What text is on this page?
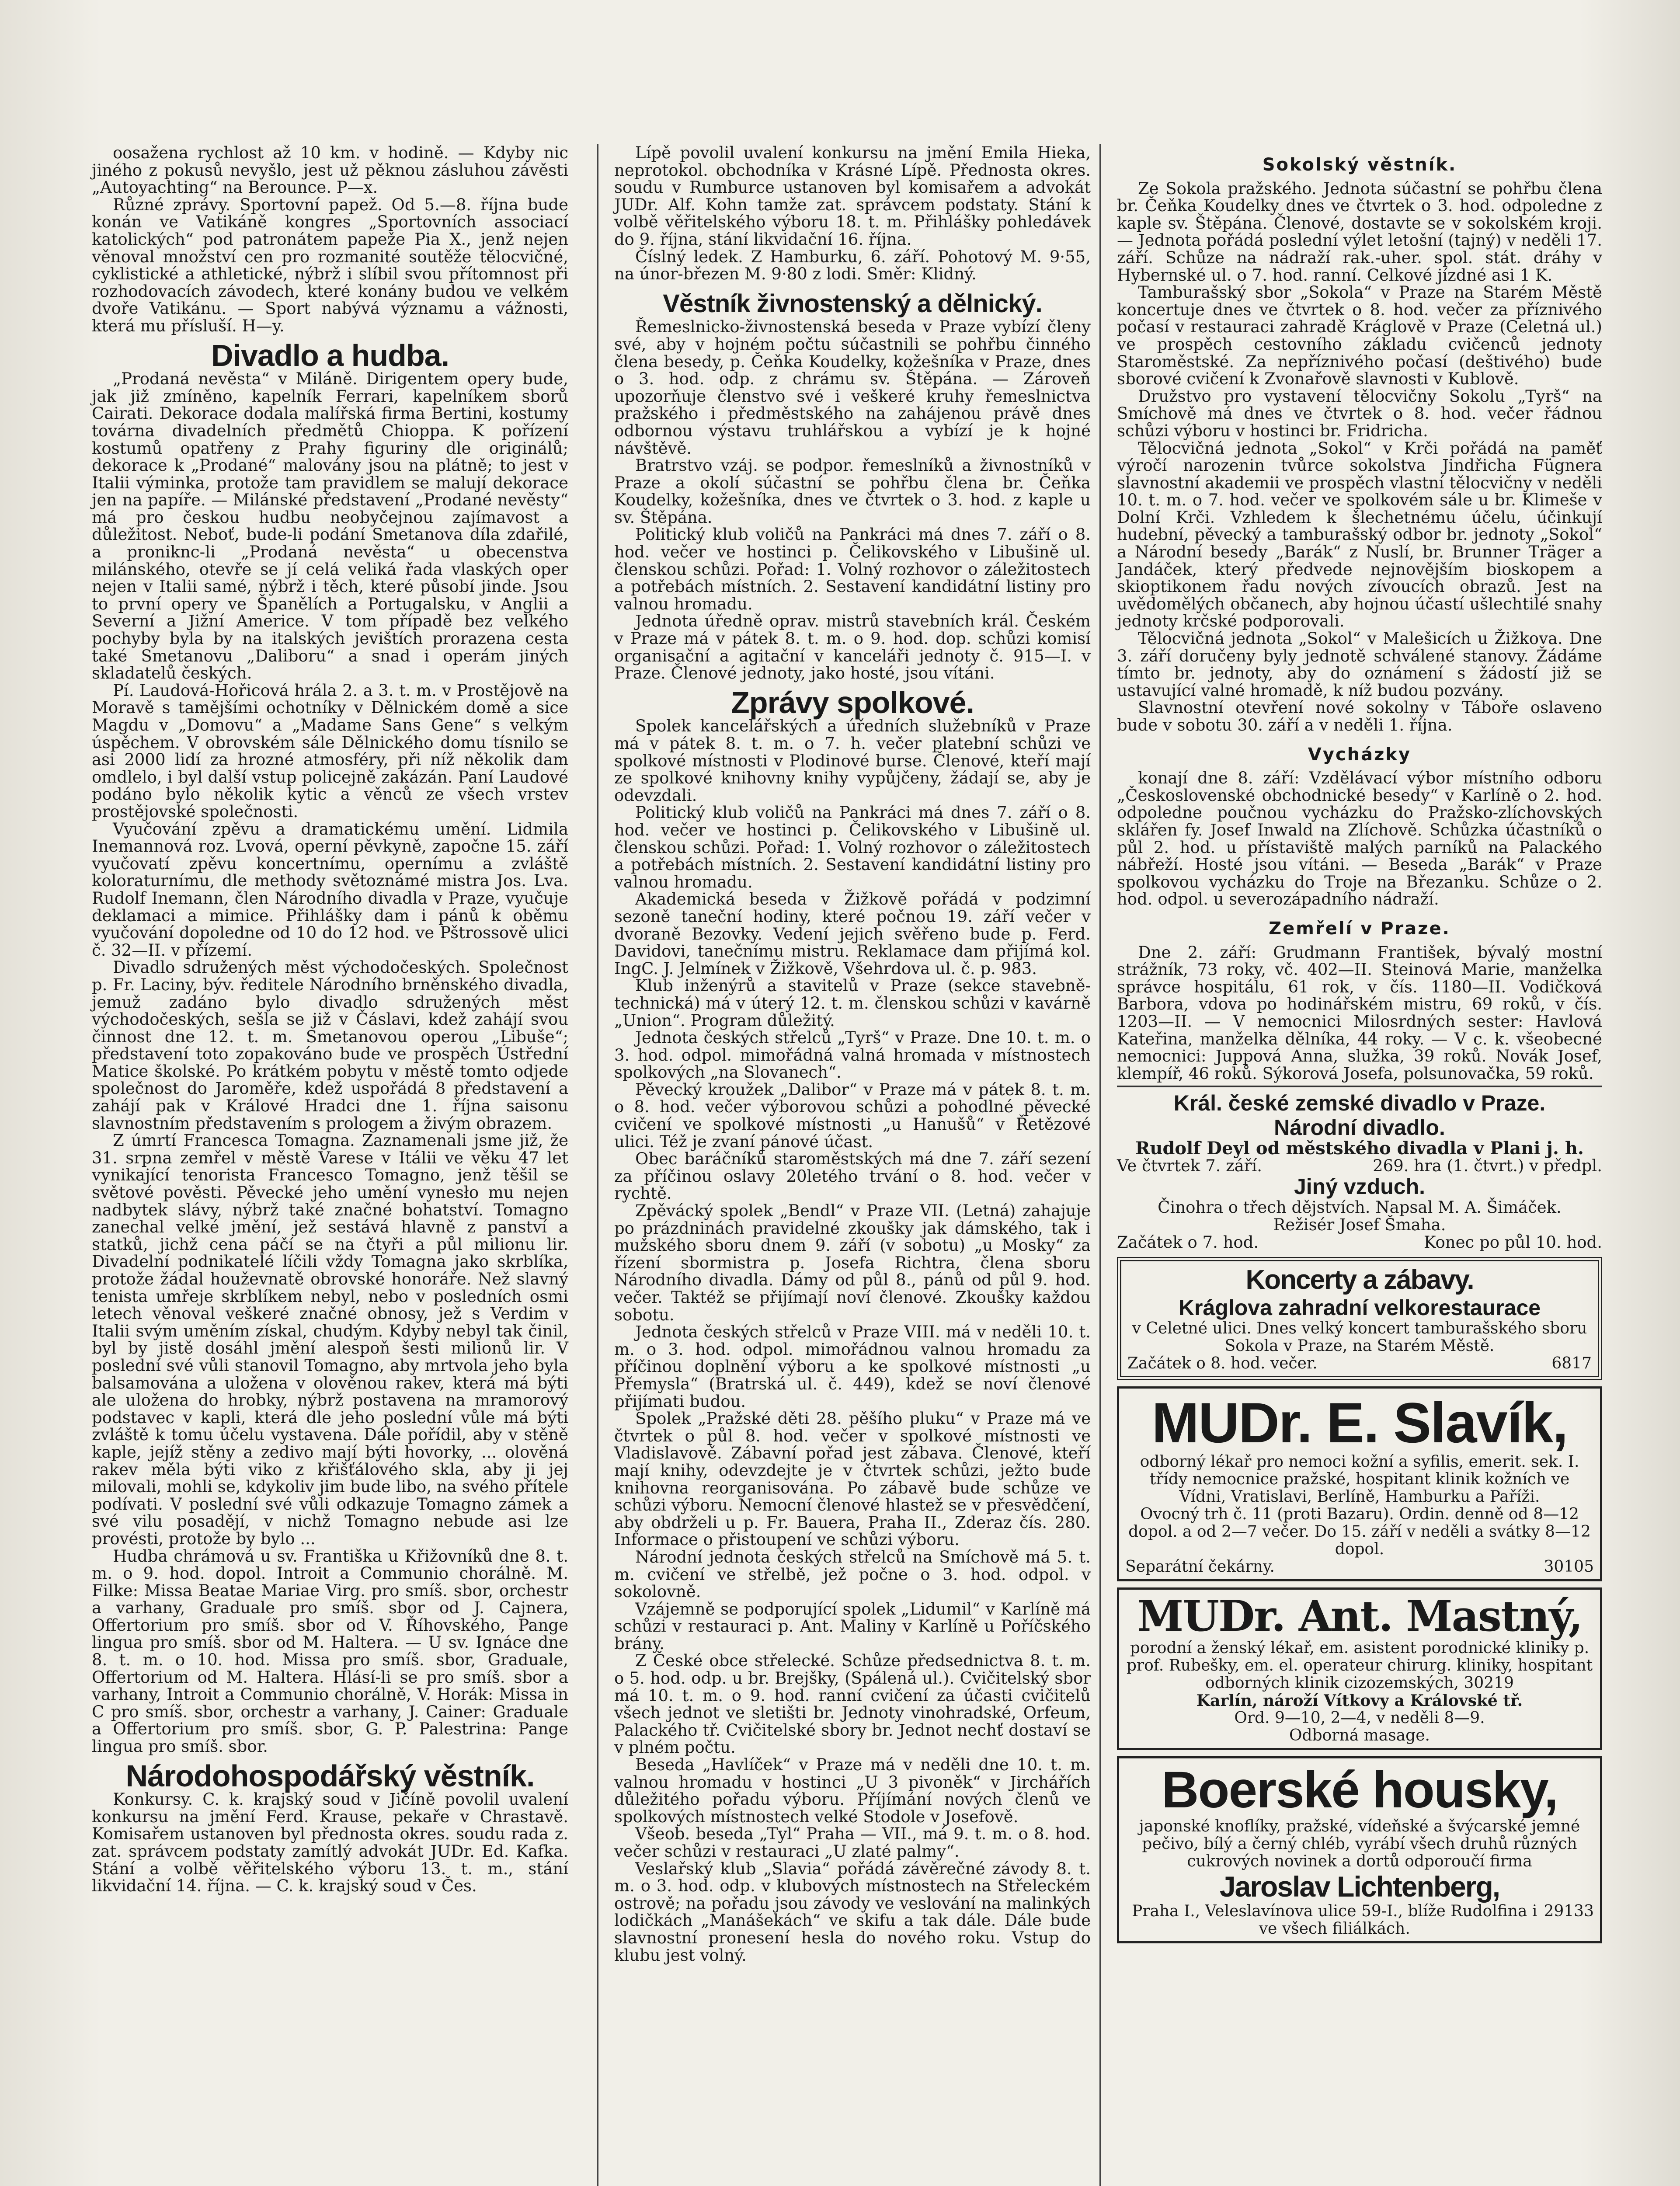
oosažena rychlost až 10 km. v hodině. — Kdyby nic jiného z pokusů nevyšlo, jest už pěknou zásluhou závěsti „Autoyachting“ na Berounce. P—x.

Různé zprávy. Sportovní papež. Od 5.—8. října bude konán ve Vatikáně kongres „Sportovních associací katolických“ pod patronátem papeže Pia X., jenž nejen věnoval množství cen pro rozmanité soutěže tělocvičné, cyklistické a athletické, nýbrž i slíbil svou přítomnost při rozhodovacích závodech, které konány budou ve velkém dvoře Vatikánu. — Sport nabývá významu a vážnosti, která mu přísluší. H—y.

Divadlo a hudba.

„Prodaná nevěsta“ v Miláně. Dirigentem opery bude, jak již zmíněno, kapelník Ferrari, kapelníkem sborů Cairati. Dekorace dodala malířská firma Bertini, kostumy továrna divadelních předmětů Chioppa. K pořízení kostumů opatřeny z Prahy figuriny dle originálů; dekorace k „Prodané“ malovány jsou na plátně; to jest v Italii výminka, protože tam pravidlem se malují dekorace jen na papíře. — Milánské představení „Prodané nevěsty“ má pro českou hudbu neobyčejnou zajímavost a důležitost. Neboť, bude-li podání Smetanova díla zdařilé, a proniknc-li „Prodaná nevěsta“ u obecenstva milánského, otevře se jí celá veliká řada vlaských oper nejen v Italii samé, nýbrž i těch, které působí jinde. Jsou to první opery ve Španělích a Portugalsku, v Anglii a Severní a Jižní Americe. V tom případě bez velkého pochyby byla by na italských jevištích prorazena cesta také Smetanovu „Daliboru“ a snad i operám jiných skladatelů českých.

Pí. Laudová-Hořicová hrála 2. a 3. t. m. v Prostějově na Moravě s tamějšími ochotníky v Dělnickém domě a sice Magdu v „Domovu“ a „Madame Sans Gene“ s velkým úspěchem. V obrovském sále Dělnického domu tísnilo se asi 2000 lidí za hrozné atmosféry, při níž několik dam omdlelo, i byl další vstup policejně zakázán. Paní Laudové podáno bylo několik kytic a věnců ze všech vrstev prostějovské společnosti.

Vyučování zpěvu a dramatickému umění. Lidmila Inemannová roz. Lvová, operní pěvkyně, započne 15. září vyučovatí zpěvu koncertnímu, opernímu a zvláště koloraturnímu, dle methody světoznámé mistra Jos. Lva. Rudolf Inemann, člen Národního divadla v Praze, vyučuje deklamaci a mimice. Přihlášky dam i pánů k oběmu vyučování dopoledne od 10 do 12 hod. ve Pštrossově ulici č. 32—II. v přízemí.

Divadlo sdružených měst východočeských. Společnost p. Fr. Laciny, býv. ředitele Národního brněnského divadla, jemuž zadáno bylo divadlo sdružených měst východočeských, sešla se již v Čáslavi, kdež zahájí svou činnost dne 12. t. m. Smetanovou operou „Libuše“; představení toto zopakováno bude ve prospěch Ústřední Matice školské. Po krátkém pobytu v městě tomto odjede společnost do Jaroměře, kdež uspořádá 8 představení a zahájí pak v Králové Hradci dne 1. října saisonu slavnostním představením s prologem a živým obrazem.

Z úmrtí Francesca Tomagna. Zaznamenali jsme již, že 31. srpna zemřel v městě Varese v Itálii ve věku 47 let vynikající tenorista Francesco Tomagno, jenž těšil se světové pověsti. Pěvecké jeho umění vynesło mu nejen nadbytek slávy, nýbrž také značné bohatství. Tomagno zanechal velké jmění, jež sestává hlavně z panství a statků, jichž cena páčí se na čtyři a půl milionu lir. Divadelní podnikatelé líčili vždy Tomagna jako skrblíka, protože žádal houževnatě obrovské honoráře. Než slavný tenista umřeje skrblíkem nebyl, nebo v posledních osmi letech věnoval veškeré značné obnosy, jež s Verdim v Italii svým uměním získal, chudým. Kdyby nebyl tak činil, byl by jistě dosáhl jmění alespoň šesti milionů lir. V poslední své vůli stanovil Tomagno, aby mrtvola jeho byla balsamována a uložena v olověnou rakev, která má býti ale uložena do hrobky, nýbrž postavena na mramorový podstavec v kapli, která dle jeho poslední vůle má býti zvláště k tomu účelu vystavena. Dále pořídil, aby v stěně kaple, jejíž stěny a zedivo mají býti hovorky, ... olověná rakev měla býti viko z křišťálového skla, aby ji jej milovali, mohli se, kdykoliv jim bude libo, na svého přítele podívati. V poslední své vůli odkazuje Tomagno zámek a své vilu posadějí, v nichž Tomagno nebude asi lze provésti, protože by bylo ...

Hudba chrámová u sv. Františka u Křižovníků dne 8. t. m. o 9. hod. dopol. Introit a Communio chorálně. M. Filke: Missa Beatae Mariae Virg. pro smíš. sbor, orchestr a varhany, Graduale pro smíš. sbor od J. Cajnera, Offertorium pro smíš. sbor od V. Říhovského, Pange lingua pro smíš. sbor od M. Haltera. — U sv. Ignáce dne 8. t. m. o 10. hod. Missa pro smíš. sbor, Graduale, Offertorium od M. Haltera. Hlásí-li se pro smíš. sbor a varhany, Introit a Communio chorálně, V. Horák: Missa in C pro smíš. sbor, orchestr a varhany, J. Cainer: Graduale a Offertorium pro smíš. sbor, G. P. Palestrina: Pange lingua pro smíš. sbor.

Národohospodářský věstník.

Konkursy. C. k. krajský soud v Jičíně povolil uvalení konkursu na jmění Ferd. Krause, pekaře v Chrastavě. Komisařem ustanoven byl přednosta okres. soudu rada z. zat. správcem podstaty zamítlý advokát JUDr. Ed. Kafka. Stání a volbě věřitelského výboru 13. t. m., stání likvidační 14. října. — C. k. krajský soud v Čes.

Lípě povolil uvalení konkursu na jmění Emila Hieka, neprotokol. obchodníka v Krásné Lípě. Přednosta okres. soudu v Rumburce ustanoven byl komisařem a advokát JUDr. Alf. Kohn tamže zat. správcem podstaty. Stání k volbě věřitelského výboru 18. t. m. Přihlášky pohledávek do 9. října, stání likvidační 16. října.

Číslný ledek. Z Hamburku, 6. září. Pohotový M. 9·55, na únor-březen M. 9·80 z lodi. Směr: Klidný.

Věstník živnostenský a dělnický.

Řemeslnicko-živnostenská beseda v Praze vybízí členy své, aby v hojném počtu súčastnili se pohřbu činného člena besedy, p. Čeňka Koudelky, kožešníka v Praze, dnes o 3. hod. odp. z chrámu sv. Štěpána. — Zároveň upozorňuje členstvo své i veškeré kruhy řemeslnictva pražského i předměstského na zahájenou právě dnes odbornou výstavu truhlářskou a vybízí je k hojné návštěvě.

Bratrstvo vzáj. se podpor. řemeslníků a živnostníků v Praze a okolí súčastní se pohřbu člena br. Čeňka Koudelky, kožešníka, dnes ve čtvrtek o 3. hod. z kaple u sv. Štěpána.

Politický klub voličů na Pankráci má dnes 7. září o 8. hod. večer ve hostinci p. Čelikovského v Libušině ul. členskou schůzi. Pořad: 1. Volný rozhovor o záležitostech a potřebách místních. 2. Sestavení kandidátní listiny pro valnou hromadu.

Jednota úředně oprav. mistrů stavebních král. Českém v Praze má v pátek 8. t. m. o 9. hod. dop. schůzi komisí organisační a agitační v kanceláři jednoty č. 915—I. v Praze. Členové jednoty, jako hosté, jsou vítáni.

Zprávy spolkové.

Spolek kancelářských a úředních služebníků v Praze má v pátek 8. t. m. o 7. h. večer platební schůzi ve spolkové místnosti v Plodinové burse. Členové, kteří mají ze spolkové knihovny knihy vypůjčeny, žádají se, aby je odevzdali.

Politický klub voličů na Pankráci má dnes 7. září o 8. hod. večer ve hostinci p. Čelikovského v Libušině ul. členskou schůzi. Pořad: 1. Volný rozhovor o záležitostech a potřebách místních. 2. Sestavení kandidátní listiny pro valnou hromadu.

Akademická beseda v Žižkově pořádá v podzimní sezoně taneční hodiny, které počnou 19. září večer v dvoraně Bezovky. Vedení jejich svěřeno bude p. Ferd. Davidovi, tanečnímu mistru. Reklamace dam přijímá kol. IngC. J. Jelmínek v Žižkově, Všehrdova ul. č. p. 983.

Klub inženýrů a stavitelů v Praze (sekce stavebně-technická) má v úterý 12. t. m. členskou schůzi v kavárně „Union“. Program důležitý.

Jednota českých střelců „Tyrš“ v Praze. Dne 10. t. m. o 3. hod. odpol. mimořádná valná hromada v místnostech spolkových „na Slovanech“.

Pěvecký kroužek „Dalibor“ v Praze má v pátek 8. t. m. o 8. hod. večer výborovou schůzi a pohodlné pěvecké cvičení ve spolkové místnosti „u Hanušů“ v Řetězové ulici. Též je zvaní pánové účast.

Obec baráčníků staroměstských má dne 7. září sezení za příčinou oslavy 20letého trvání o 8. hod. večer v rychtě.

Zpěvácký spolek „Bendl“ v Praze VII. (Letná) zahajuje po prázdninách pravidelné zkoušky jak dámského, tak i mužského sboru dnem 9. září (v sobotu) „u Mosky“ za řízení sbormistra p. Josefa Richtra, člena sboru Národního divadla. Dámy od půl 8., pánů od půl 9. hod. večer. Taktéž se přijímají noví členové. Zkoušky každou sobotu.

Jednota českých střelců v Praze VIII. má v neděli 10. t. m. o 3. hod. odpol. mimořádnou valnou hromadu za příčinou doplnění výboru a ke spolkové místnosti „u Přemysla“ (Bratrská ul. č. 449), kdež se noví členové přijímati budou.

Spolek „Pražské děti 28. pěšího pluku“ v Praze má ve čtvrtek o půl 8. hod. večer v spolkové místnosti ve Vladislavově. Zábavní pořad jest zábava. Členové, kteří mají knihy, odevzdejte je v čtvrtek schůzi, ježto bude knihovna reorganisována. Po zábavě bude schůze ve schůzi výboru. Nemocní členové hlastež se v přesvědčení, aby obdrželi u p. Fr. Bauera, Praha II., Zderaz čís. 280. Informace o přistoupení ve schůzi výboru.

Národní jednota českých střelců na Smíchově má 5. t. m. cvičení ve střelbě, jež počne o 3. hod. odpol. v sokolovně.

Vzájemně se podporující spolek „Lidumil“ v Karlíně má schůzi v restauraci p. Ant. Maliny v Karlíně u Poříčského brány.

Z České obce střelecké. Schůze předsednictva 8. t. m. o 5. hod. odp. u br. Brejšky, (Spálená ul.). Cvičitelský sbor má 10. t. m. o 9. hod. ranní cvičení za účasti cvičitelů všech jednot ve sletišti br. Jednoty vinohradské, Orfeum, Palackého tř. Cvičitelské sbory br. Jednot nechť dostaví se v plném počtu.

Beseda „Havlíček“ v Praze má v neděli dne 10. t. m. valnou hromadu v hostinci „U 3 pivoněk“ v Jirchářích důležitého pořadu výboru. Příjímání nových členů ve spolkových místnostech velké Stodole v Josefově.

Všeob. beseda „Tyl“ Praha — VII., má 9. t. m. o 8. hod. večer schůzi v restauraci „U zlaté palmy“.

Veslařský klub „Slavia“ pořádá závěrečné závody 8. t. m. o 3. hod. odp. v klubových místnostech na Střeleckém ostrově; na pořadu jsou závody ve veslování na malinkých lodičkách „Manášekách“ ve skifu a tak dále. Dále bude slavnostní pronesení hesla do nového roku. Vstup do klubu jest volný.

Sokolský věstník.

Ze Sokola pražského. Jednota súčastní se pohřbu člena br. Čeňka Koudelky dnes ve čtvrtek o 3. hod. odpoledne z kaple sv. Štěpána. Členové, dostavte se v sokolském kroji. — Jednota pořádá poslední výlet letošní (tajný) v neděli 17. září. Schůze na nádraží rak.-uher. spol. stát. dráhy v Hybernské ul. o 7. hod. ranní. Celkové jízdné asi 1 K.

Tamburašský sbor „Sokola“ v Praze na Starém Městě koncertuje dnes ve čtvrtek o 8. hod. večer za příznivého počasí v restauraci zahradě Kráglově v Praze (Celetná ul.) ve prospěch cestovního základu cvičenců jednoty Staroměstské. Za nepříznivého počasí (deštivého) bude sborové cvičení k Zvonařově slavnosti v Kublově.

Družstvo pro vystavení tělocvičny Sokolu „Tyrš“ na Smíchově má dnes ve čtvrtek o 8. hod. večer řádnou schůzi výboru v hostinci br. Fridricha.

Tělocvičná jednota „Sokol“ v Krči pořádá na paměť výročí narozenin tvůrce sokolstva Jindřicha Fügnera slavnostní akademii ve prospěch vlastní tělocvičny v neděli 10. t. m. o 7. hod. večer ve spolkovém sále u br. Klimeše v Dolní Krči. Vzhledem k šlechetnému účelu, účinkují hudební, pěvecký a tamburašský odbor br. jednoty „Sokol“ a Národní besedy „Barák“ z Nuslí, br. Brunner Träger a Jandáček, který předvede nejnovějším bioskopem a skioptikonem řadu nových zívoucích obrazů. Jest na uvědomělých občanech, aby hojnou účastí ušlechtilé snahy jednoty krčské podporovali.

Tělocvičná jednota „Sokol“ v Malešicích u Žižkova. Dne 3. září doručeny byly jednotě schválené stanovy. Žádáme tímto br. jednoty, aby do oznámení s žádostí již se ustavující valné hromadě, k níž budou pozvány.

Slavnostní otevření nové sokolny v Táboře oslaveno bude v sobotu 30. září a v neděli 1. října.

Vycházky

konají dne 8. září: Vzdělávací výbor místního odboru „Československé obchodnické besedy“ v Karlíně o 2. hod. odpoledne poučnou vycházku do Pražsko-zlíchovských sklářen fy. Josef Inwald na Zlíchově. Schůzka účastníků o půl 2. hod. u přístaviště malých parníků na Palackého nábřeží. Hosté jsou vítáni. — Beseda „Barák“ v Praze spolkovou vycházku do Troje na Březanku. Schůze o 2. hod. odpol. u severozápadního nádraží.

Zemřelí v Praze.

Dne 2. září: Grudmann František, bývalý mostní strážník, 73 roky, vč. 402—II. Steinová Marie, manželka správce hospitálu, 61 rok, v čís. 1180—II. Vodičková Barbora, vdova po hodinářském mistru, 69 roků, v čís. 1203—II. — V nemocnici Milosrdných sester: Havlová Kateřina, manželka dělníka, 44 roky. — V c. k. všeobecné nemocnici: Juppová Anna, služka, 39 roků. Novák Josef, klempíř, 46 roků. Sýkorová Josefa, polsunovačka, 59 roků.

Král. české zemské divadlo v Praze.
Národní divadlo.
Rudolf Deyl od městského divadla v Plani j. h.
Ve čtvrtek 7. září.	269. hra (1. čtvrt.) v předpl.
Jiný vzduch.
Činohra o třech dějstvích. Napsal M. A. Šimáček.
Režisér Josef Šmaha.
Začátek o 7. hod.	Konec po půl 10. hod.
Koncerty a zábavy.
Kráglova zahradní velkorestaurace
v Celetné ulici. Dnes velký koncert tamburašského sboru Sokola v Praze, na Starém Městě.
Začátek o 8. hod. večer.	6817
MUDr. E. Slavík,
odborný lékař pro nemoci kožní a syfilis, emerit. sek. I. třídy nemocnice pražské, hospitant klinik kožních ve Vídni, Vratislavi, Berlíně, Hamburku a Paříži.
Ovocný trh č. 11 (proti Bazaru). Ordin. denně od 8—12 dopol. a od 2—7 večer. Do 15. září v neděli a svátky 8—12 dopol.
Separátní čekárny.	30105
MUDr. Ant. Mastný,
porodní a ženský lékař, em. asistent porodnické kliniky p. prof. Rubešky, em. el. operateur chirurg. kliniky, hospitant odborných klinik cizozemských, 30219
Karlín, nároží Vítkovy a Královské tř.
Ord. 9—10, 2—4, v neděli 8—9.
Odborná masage.
Boerské housky,
japonské knoflíky, pražské, vídeňské a švýcarské jemné pečivo, bílý a černý chléb, vyrábí všech druhů různých cukrových novinek a dortů odporoučí firma
Jaroslav Lichtenberg,
Praha I., Veleslavínova ulice 59-I., blíže Rudolfina i ve všech filiálkách.
29133
